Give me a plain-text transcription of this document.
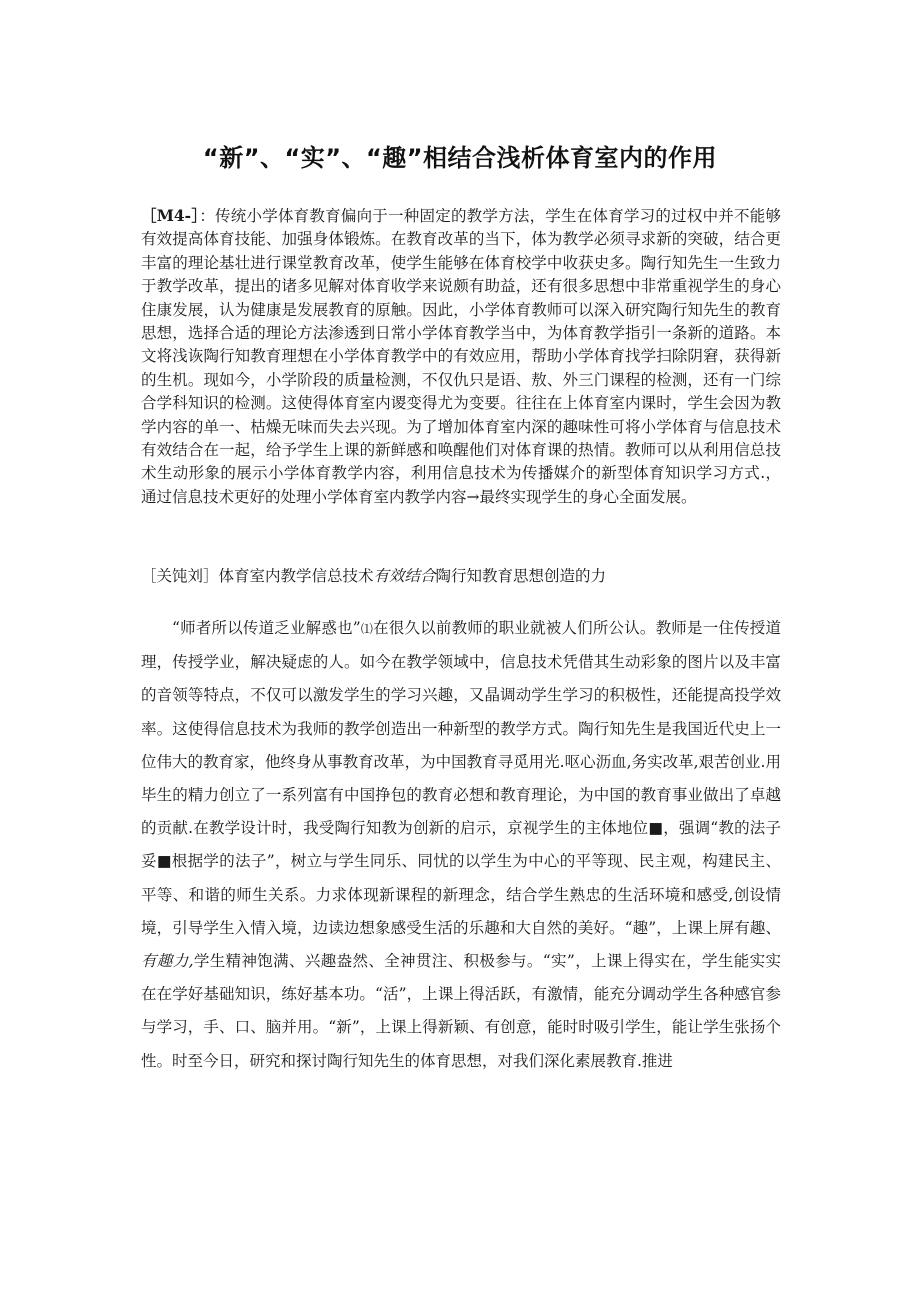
“新”、“实”、“趣”相结合浅析体育室内的作用

［M4-］：传统小学体育教育偏向于一种固定的教学方法，学生在体育学习的过权中并不能够有效提高体育技能、加强身体锻炼。在教育改革的当下，体为教学必须寻求新的突破，结合更丰富的理论基壮进行课堂教育改革，使学生能够在体育校学中收获史多。陶行知先生一生致力于教学改革，提出的诸多见解对体育收学来说颇有助益，还有很多思想中非常重视学生的身心住康发展，认为健康是发展教育的原触。因此，小学体育教师可以深入研究陶行知先生的教育思想，选择合适的理论方法渗透到日常小学体育教学当中，为体育教学指引一条新的道路。本文将浅诙陶行知教育理想在小学体育教学中的有效应用，帮助小学体育找学扫除阴窘，获得新的生机。现如今，小学阶段的质量检测，不仅仇只是语、敖、外三门课程的检测，还有一门综合学科知识的检测。这使得体育室内谡变得尤为变要。往往在上体育室内课时，学生会因为教学内容的单一、枯燥无味而失去兴现。为了增加体育室内深的趣味性可将小学体育与信息技术有效结合在一起，给予学生上课的新鲜感和唤醒他们对体育课的热情。教师可以从利用信总技术生动形象的展示小学体育教学内容，利用信息技术为传播媒介的新型体育知识学习方式.，通过信息技术更好的处理小学体育室内教学内容→最终实现学生的身心全面发展。

［关饨刘］体育室内教学信总技术有效结合陶行知教育思想创造的力

“师者所以传道乏业解惑也”⑴在很久以前教师的职业就被人们所公认。教师是一住传授道理，传授学业，解决疑虑的人。如今在教学领域中，信息技术凭借其生动彩象的图片以及丰富的音领等特点，不仅可以激发学生的学习兴趣，又晶调动学生学习的积极性，还能提高投学效率。这使得信息技术为我师的教学创造出一种新型的教学方式。陶行知先生是我国近代史上一位伟大的教育家，他终身从事教育改革，为中国教育寻觅用光.呕心沥血,务实改革,艰苦创业.用毕生的精力创立了一系列富有中国挣包的教育必想和教育理论，为中国的教育事业做出了卓越的贡献.在教学设计时，我受陶行知教为创新的启示，京视学生的主体地位■，强调“教的法子妥■根据学的法子”，树立与学生同乐、同忧的以学生为中心的平等现、民主观，构建民主、平等、和谐的师生关系。力求体现新课程的新理念，结合学生熟忠的生活环境和感受,创设情境，引导学生入情入境，边读边想象感受生活的乐趣和大自然的美好。“趣”，上课上屏有趣、有趣力,学生精神饱满、兴趣盎然、全神贯注、积极参与。“实”，上课上得实在，学生能实实在在学好基础知识，练好基本功。“活”，上课上得活跃，有激情，能充分调动学生各种感官参与学习，手、口、脑并用。“新”，上课上得新颖、有创意，能时时吸引学生，能让学生张扬个性。时至今日，研究和探讨陶行知先生的体育思想，对我们深化素展教育.推进
